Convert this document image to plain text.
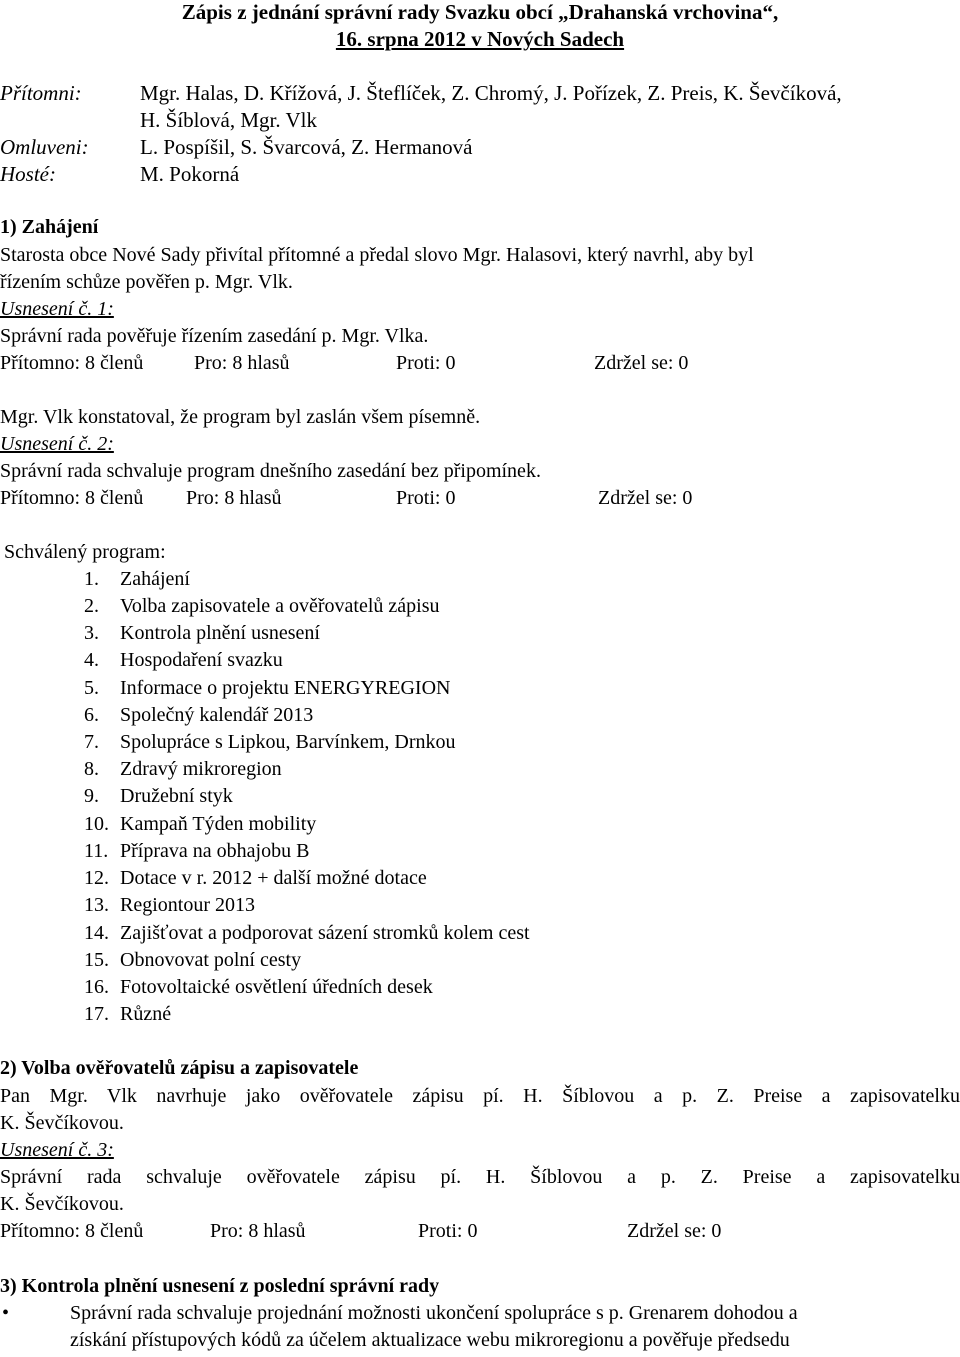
Zápis z jednání správní rady Svazku obcí „Drahanská vrchovina“,
16. srpna 2012 v Nových Sadech
Přítomni:	Mgr. Halas, D. Křížová, J. Šteflíček, Z. Chromý, J. Pořízek, Z. Preis, K. Ševčíková,
H. Šíblová, Mgr. Vlk
Omluveni: L. Pospíšil, S. Švarcová, Z. Hermanová
Hosté:	M. Pokorná
1) Zahájení
Starosta obce Nové Sady přivítal přítomné a předal slovo Mgr. Halasovi, který navrhl, aby byl
řízením schůze pověřen p. Mgr. Vlk.
Usnesení č. 1:
Správní rada pověřuje řízením zasedání p. Mgr. Vlka.
Přítomno: 8 členů	Pro: 8 hlasů	Proti: 0	Zdržel se: 0
Mgr. Vlk konstatoval, že program byl zaslán všem písemně.
Usnesení č. 2:
Správní rada schvaluje program dnešního zasedání bez připomínek.
Přítomno: 8 členů Pro: 8 hlasů	Proti: 0	Zdržel se: 0
Schválený program:
1. Zahájení
2. Volba zapisovatele a ověřovatelů zápisu
3. Kontrola plnění usnesení
4. Hospodaření svazku
5. Informace o projektu ENERGYREGION
6. Společný kalendář 2013
7. Spolupráce s Lipkou, Barvínkem, Drnkou
8. Zdravý mikroregion
9. Družební styk
10. Kampaň Týden mobility
11. Příprava na obhajobu B
12. Dotace v r. 2012 + další možné dotace
13. Regiontour 2013
14. Zajišťovat a podporovat sázení stromků kolem cest
15. Obnovovat polní cesty
16. Fotovoltaické osvětlení úředních desek
17. Různé
2) Volba ověřovatelů zápisu a zapisovatele
Pan Mgr. Vlk navrhuje jako ověřovatele zápisu pí. H. Šíblovou a p. Z. Preise a zapisovatelku
K. Ševčíkovou.
Usnesení č. 3:
Správní rada schvaluje ověřovatele zápisu pí. H. Šíblovou a p. Z. Preise a zapisovatelku
K. Ševčíkovou.
Přítomno: 8 členů	Pro: 8 hlasů	Proti: 0	Zdržel se: 0
3) Kontrola plnění usnesení z poslední správní rady
•	Správní rada schvaluje projednání možnosti ukončení spolupráce s p. Grenarem dohodou a
získání přístupových kódů za účelem aktualizace webu mikroregionu a pověřuje předsedu
